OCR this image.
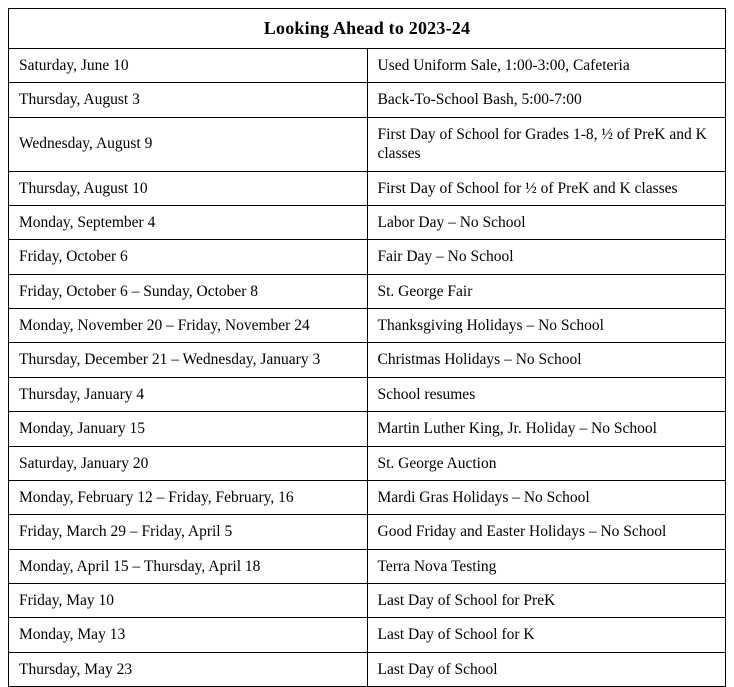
Looking Ahead to 2023-24	
Saturday, June 10	Used Uniform Sale, 1:00-3:00, Cafeteria
Thursday, August 3	Back-To-School Bash, 5:00-7:00
Wednesday, August 9	First Day of School for Grades 1-8, ½ of PreK and K classes
Thursday, August 10	First Day of School for ½ of PreK and K classes
Monday, September 4	Labor Day – No School
Friday, October 6	Fair Day – No School
Friday, October 6 – Sunday, October 8	St. George Fair
Monday, November 20 – Friday, November 24	Thanksgiving Holidays – No School
Thursday, December 21 – Wednesday, January 3	Christmas Holidays – No School
Thursday, January 4	School resumes
Monday, January 15	Martin Luther King, Jr. Holiday – No School
Saturday, January 20	St. George Auction
Monday, February 12 – Friday, February, 16	Mardi Gras Holidays – No School
Friday, March 29 – Friday, April 5	Good Friday and Easter Holidays – No School
Monday, April 15 – Thursday, April 18	Terra Nova Testing
Friday, May 10	Last Day of School for PreK
Monday, May 13	Last Day of School for K
Thursday, May 23	Last Day of School
